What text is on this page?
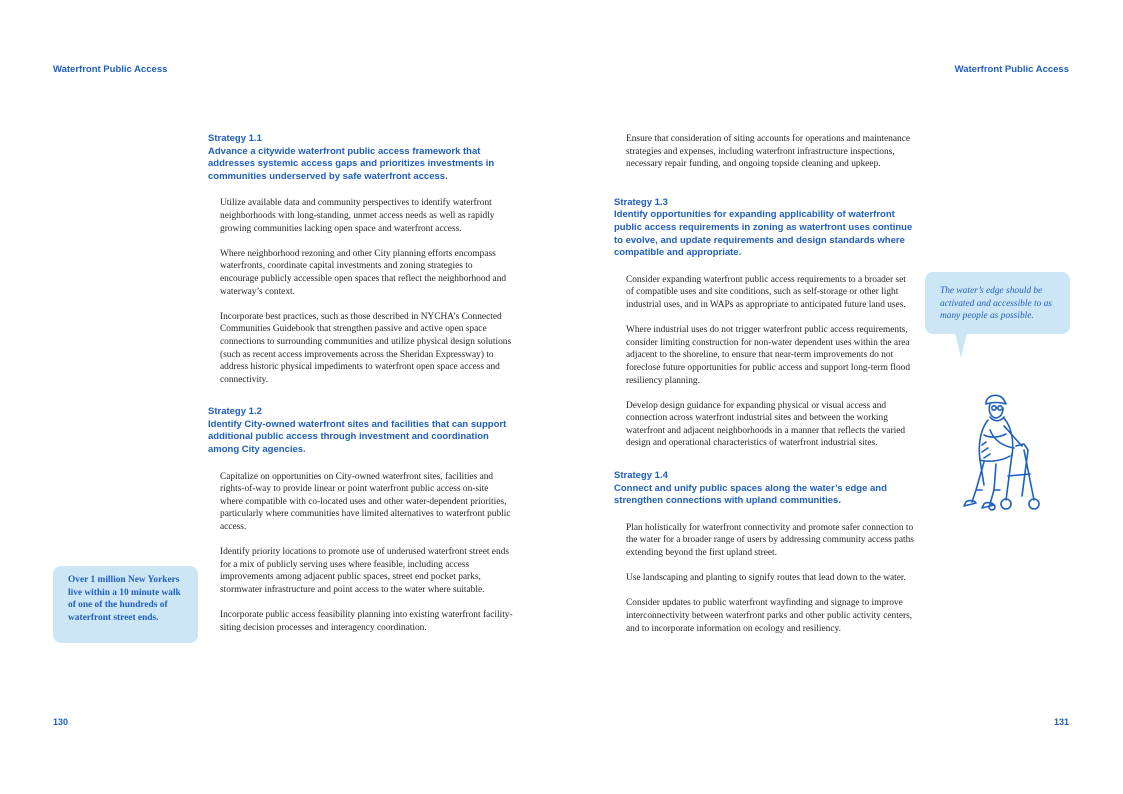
Waterfront Public Access	Waterfront Public Access
Strategy 1.1
Advance a citywide waterfront public access framework that addresses systemic access gaps and prioritizes investments in communities underserved by safe waterfront access.

Utilize available data and community perspectives to identify waterfront neighborhoods with long-standing, unmet access needs as well as rapidly growing communities lacking open space and waterfront access.

Where neighborhood rezoning and other City planning efforts encompass waterfronts, coordinate capital investments and zoning strategies to encourage publicly accessible open spaces that reflect the neighborhood and waterway’s context.

Incorporate best practices, such as those described in NYCHA’s Connected Communities Guidebook that strengthen passive and active open space connections to surrounding communities and utilize physical design solutions (such as recent access improvements across the Sheridan Expressway) to address historic physical impediments to waterfront open space access and connectivity.

Strategy 1.2
Identify City-owned waterfront sites and facilities that can support additional public access through investment and coordination among City agencies.

Capitalize on opportunities on City-owned waterfront sites, facilities and rights-of-way to provide linear or point waterfront public access on-site where compatible with co-located uses and other water-dependent priorities, particularly where communities have limited alternatives to waterfront public access.

Identify priority locations to promote use of underused waterfront street ends for a mix of publicly serving uses where feasible, including access improvements among adjacent public spaces, street end pocket parks, stormwater infrastructure and point access to the water where suitable.

Incorporate public access feasibility planning into existing waterfront facility-siting decision processes and interagency coordination.

Ensure that consideration of siting accounts for operations and maintenance strategies and expenses, including waterfront infrastructure inspections, necessary repair funding, and ongoing topside cleaning and upkeep.

Strategy 1.3
Identify opportunities for expanding applicability of waterfront public access requirements in zoning as waterfront uses continue to evolve, and update requirements and design standards where compatible and appropriate.

Consider expanding waterfront public access requirements to a broader set of compatible uses and site conditions, such as self-storage or other light industrial uses, and in WAPs as appropriate to anticipated future land uses.

Where industrial uses do not trigger waterfront public access requirements, consider limiting construction for non-water dependent uses within the area adjacent to the shoreline, to ensure that near-term improvements do not foreclose future opportunities for public access and support long-term flood resiliency planning.

Develop design guidance for expanding physical or visual access and connection across waterfront industrial sites and between the working waterfront and adjacent neighborhoods in a manner that reflects the varied design and operational characteristics of waterfront industrial sites.

Strategy 1.4
Connect and unify public spaces along the water’s edge and strengthen connections with upland communities.

Plan holistically for waterfront connectivity and promote safer connection to the water for a broader range of users by addressing community access paths extending beyond the first upland street.

Use landscaping and planting to signify routes that lead down to the water.

Consider updates to public waterfront wayfinding and signage to improve interconnectivity between waterfront parks and other public activity centers, and to incorporate information on ecology and resiliency.

Over 1 million New Yorkers live within a 10 minute walk of one of the hundreds of waterfront street ends.
The water’s edge should be activated and accessible to as many people as possible.
130	131
